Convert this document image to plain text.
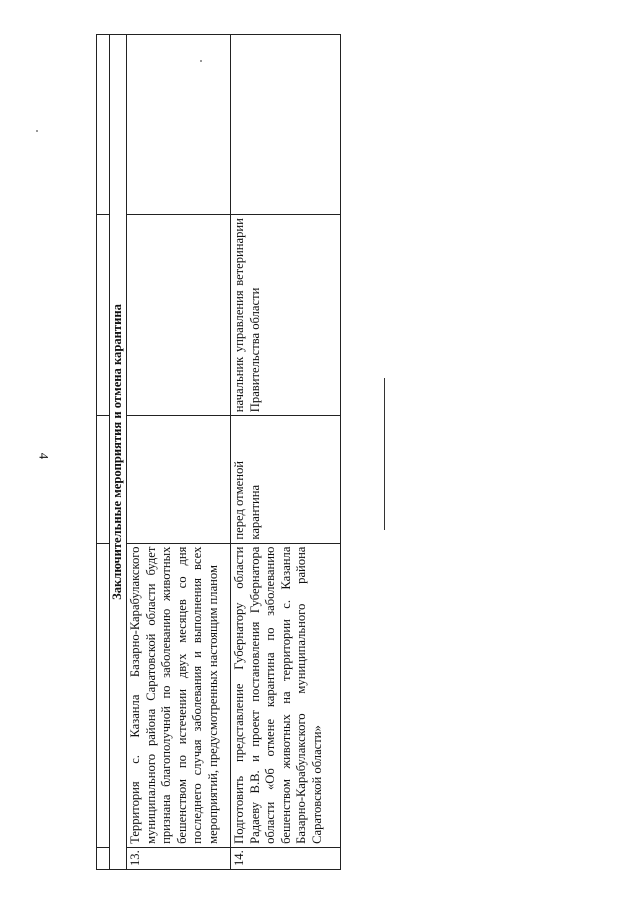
4
					Заключительные мероприятия и отмена карантина				
13.	Территория с. Казанла Базарно-Карабулакского муниципального района Саратовской области будет признана благополучной по заболеванию животных бешенством по истечении двух месяцев со дня последнего случая заболевания и выполнения всех мероприятий, предусмотренных настоящим планом			
14.	Подготовить представление Губернатору области Радаеву В.В. и проект постановления Губернатора области «Об отмене карантина по заболеванию бешенством животных на территории с. Казанла Базарно-Карабулакского муниципального района Саратовской области»	перед отменой карантина	начальник управления ветеринарии Правительства области	
